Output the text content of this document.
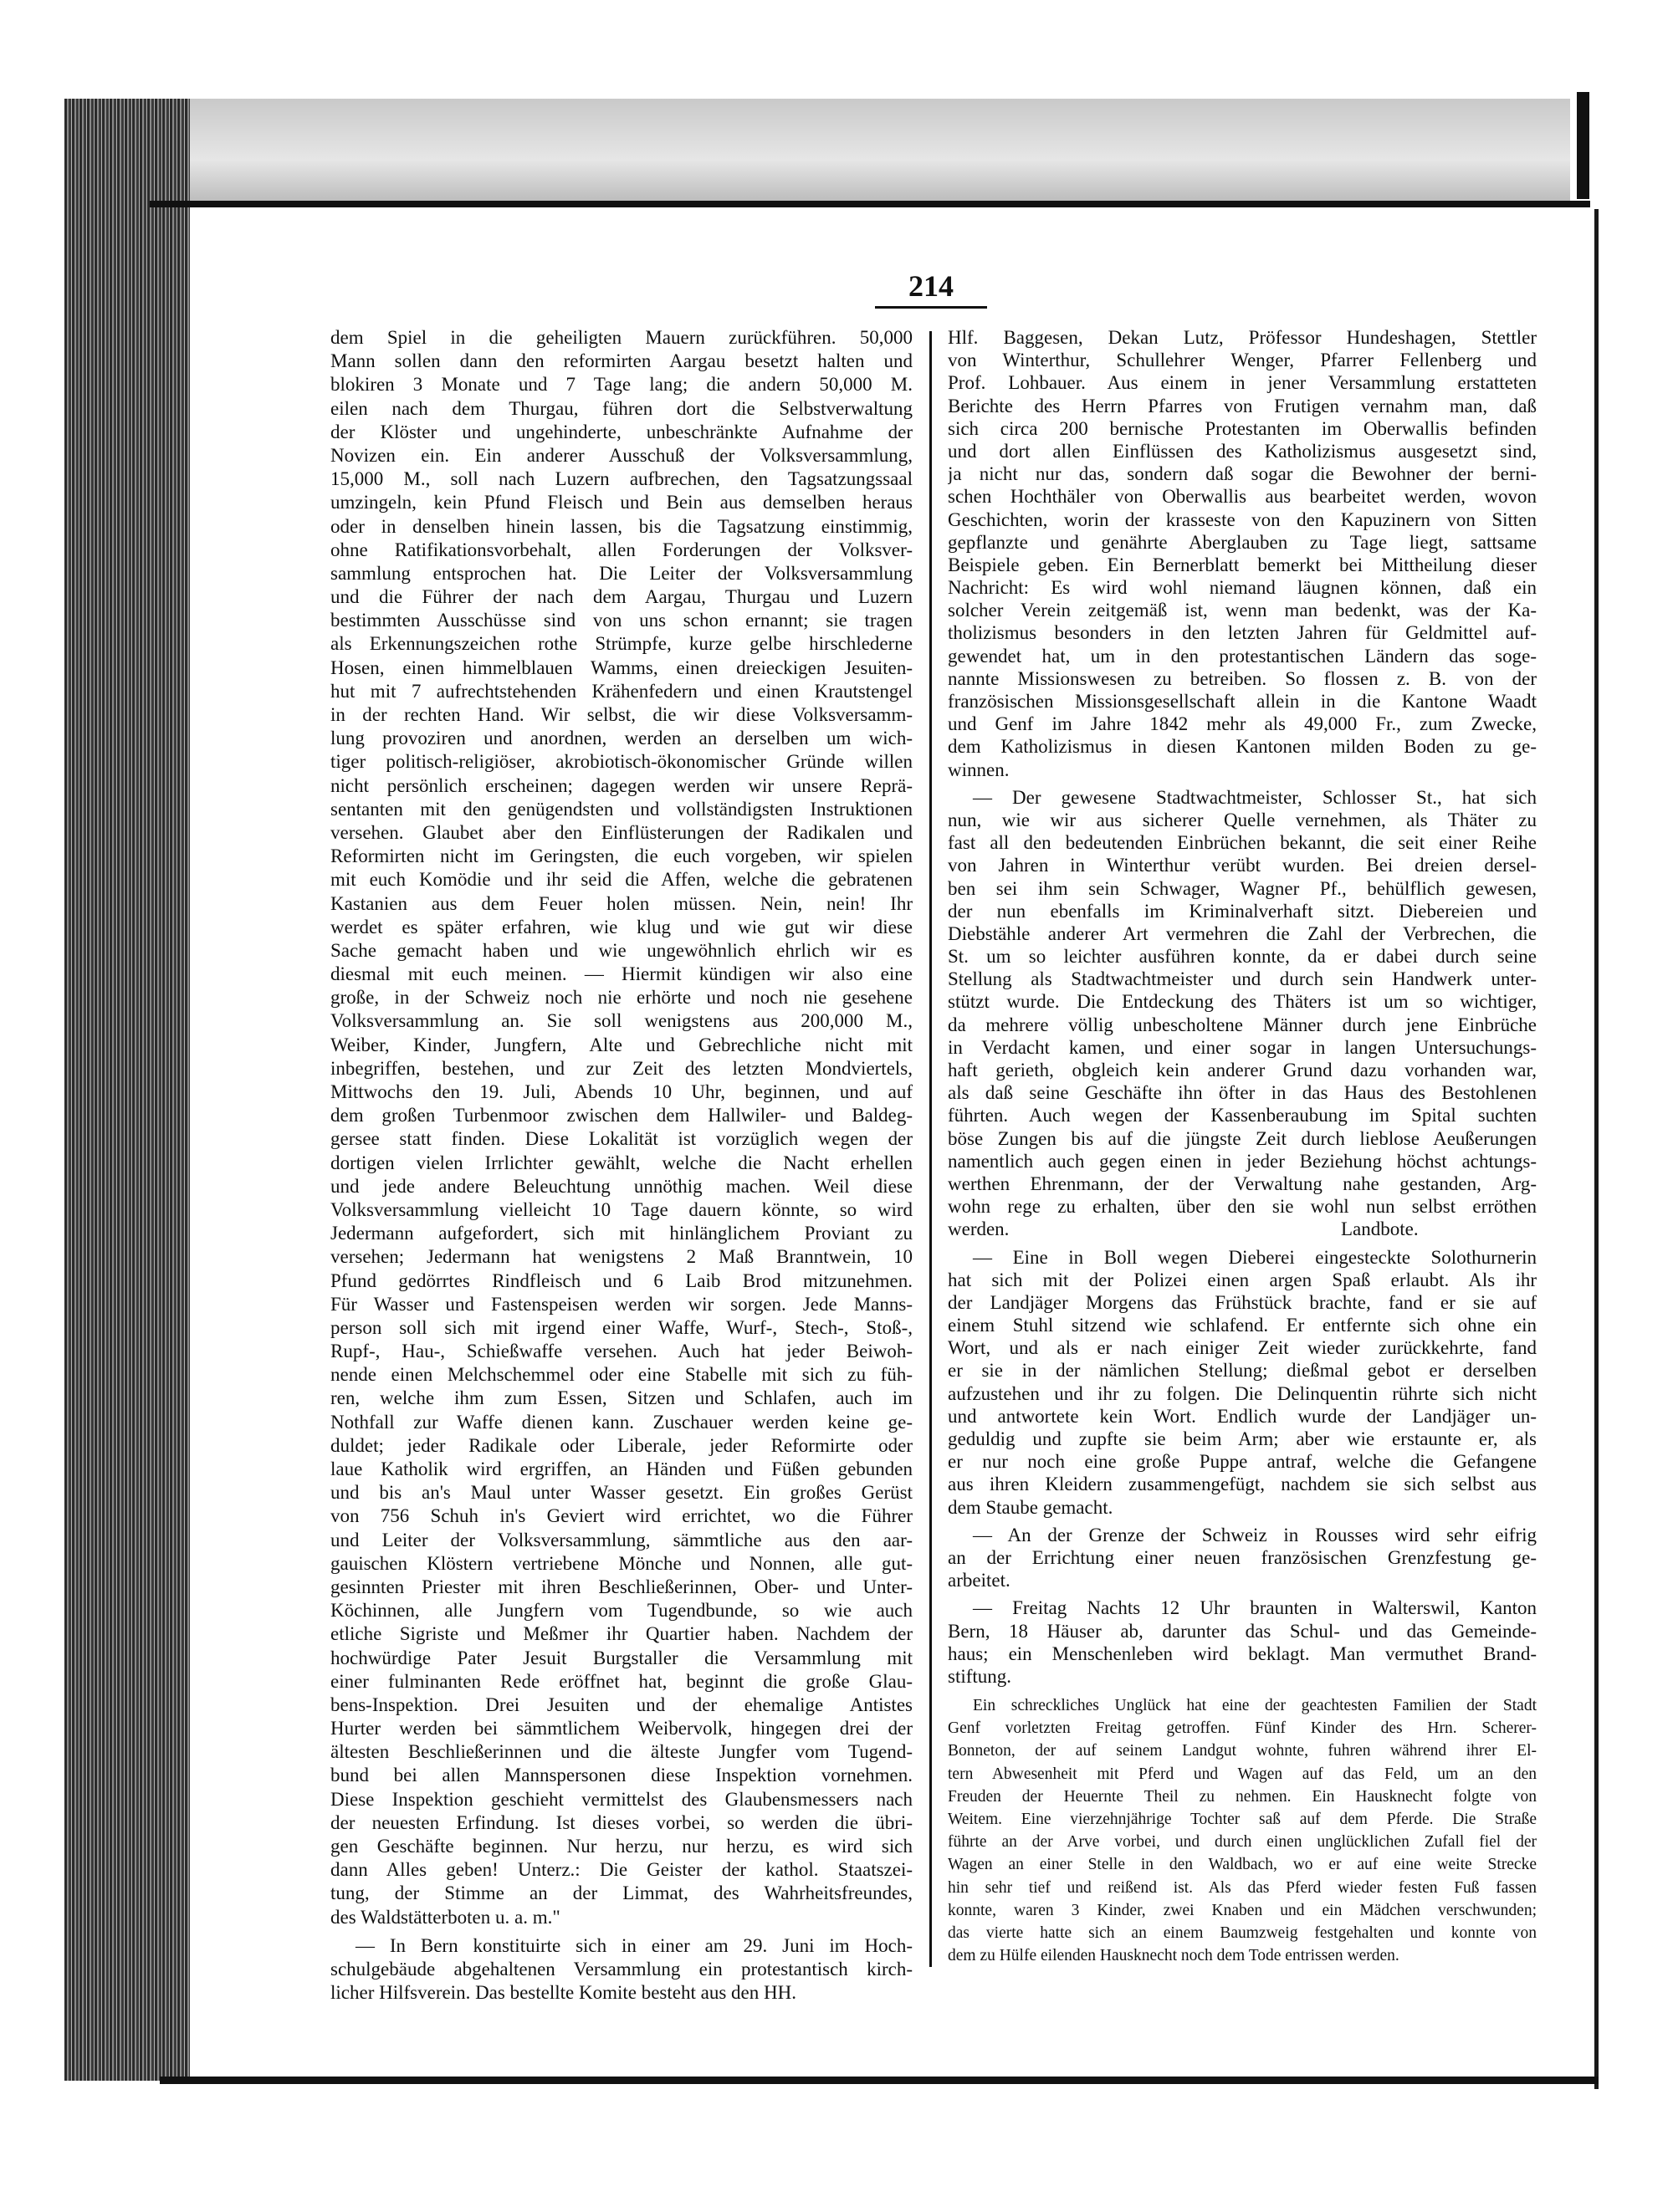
214
dem Spiel in die geheiligten Mauern zurückführen. 50,000
Mann sollen dann den reformirten Aargau besetzt halten und
blokiren 3 Monate und 7 Tage lang; die andern 50,000 M.
eilen nach dem Thurgau, führen dort die Selbstverwaltung
der Klöster und ungehinderte, unbeschränkte Aufnahme der
Novizen ein. Ein anderer Ausschuß der Volksversammlung,
15,000 M., soll nach Luzern aufbrechen, den Tagsatzungssaal
umzingeln, kein Pfund Fleisch und Bein aus demselben heraus
oder in denselben hinein lassen, bis die Tagsatzung einstimmig,
ohne Ratifikationsvorbehalt, allen Forderungen der Volksver-
sammlung entsprochen hat. Die Leiter der Volksversammlung
und die Führer der nach dem Aargau, Thurgau und Luzern
bestimmten Ausschüsse sind von uns schon ernannt; sie tragen
als Erkennungszeichen rothe Strümpfe, kurze gelbe hirschlederne
Hosen, einen himmelblauen Wamms, einen dreieckigen Jesuiten-
hut mit 7 aufrechtstehenden Krähenfedern und einen Krautstengel
in der rechten Hand. Wir selbst, die wir diese Volksversamm-
lung provoziren und anordnen, werden an derselben um wich-
tiger politisch-religiöser, akrobiotisch-ökonomischer Gründe willen
nicht persönlich erscheinen; dagegen werden wir unsere Reprä-
sentanten mit den genügendsten und vollständigsten Instruktionen
versehen. Glaubet aber den Einflüsterungen der Radikalen und
Reformirten nicht im Geringsten, die euch vorgeben, wir spielen
mit euch Komödie und ihr seid die Affen, welche die gebratenen
Kastanien aus dem Feuer holen müssen. Nein, nein! Ihr
werdet es später erfahren, wie klug und wie gut wir diese
Sache gemacht haben und wie ungewöhnlich ehrlich wir es
diesmal mit euch meinen. — Hiermit kündigen wir also eine
große, in der Schweiz noch nie erhörte und noch nie gesehene
Volksversammlung an. Sie soll wenigstens aus 200,000 M.,
Weiber, Kinder, Jungfern, Alte und Gebrechliche nicht mit
inbegriffen, bestehen, und zur Zeit des letzten Mondviertels,
Mittwochs den 19. Juli, Abends 10 Uhr, beginnen, und auf
dem großen Turbenmoor zwischen dem Hallwiler- und Baldeg-
gersee statt finden. Diese Lokalität ist vorzüglich wegen der
dortigen vielen Irrlichter gewählt, welche die Nacht erhellen
und jede andere Beleuchtung unnöthig machen. Weil diese
Volksversammlung vielleicht 10 Tage dauern könnte, so wird
Jedermann aufgefordert, sich mit hinlänglichem Proviant zu
versehen; Jedermann hat wenigstens 2 Maß Branntwein, 10
Pfund gedörrtes Rindfleisch und 6 Laib Brod mitzunehmen.
Für Wasser und Fastenspeisen werden wir sorgen. Jede Manns-
person soll sich mit irgend einer Waffe, Wurf-, Stech-, Stoß-,
Rupf-, Hau-, Schießwaffe versehen. Auch hat jeder Beiwoh-
nende einen Melchschemmel oder eine Stabelle mit sich zu füh-
ren, welche ihm zum Essen, Sitzen und Schlafen, auch im
Nothfall zur Waffe dienen kann. Zuschauer werden keine ge-
duldet; jeder Radikale oder Liberale, jeder Reformirte oder
laue Katholik wird ergriffen, an Händen und Füßen gebunden
und bis an's Maul unter Wasser gesetzt. Ein großes Gerüst
von 756 Schuh in's Geviert wird errichtet, wo die Führer
und Leiter der Volksversammlung, sämmtliche aus den aar-
gauischen Klöstern vertriebene Mönche und Nonnen, alle gut-
gesinnten Priester mit ihren Beschließerinnen, Ober- und Unter-
Köchinnen, alle Jungfern vom Tugendbunde, so wie auch
etliche Sigriste und Meßmer ihr Quartier haben. Nachdem der
hochwürdige Pater Jesuit Burgstaller die Versammlung mit
einer fulminanten Rede eröffnet hat, beginnt die große Glau-
bens-Inspektion. Drei Jesuiten und der ehemalige Antistes
Hurter werden bei sämmtlichem Weibervolk, hingegen drei der
ältesten Beschließerinnen und die älteste Jungfer vom Tugend-
bund bei allen Mannspersonen diese Inspektion vornehmen.
Diese Inspektion geschieht vermittelst des Glaubensmessers nach
der neuesten Erfindung. Ist dieses vorbei, so werden die übri-
gen Geschäfte beginnen. Nur herzu, nur herzu, es wird sich
dann Alles geben! Unterz.: Die Geister der kathol. Staatszei-
tung, der Stimme an der Limmat, des Wahrheitsfreundes,
des Waldstätterboten u. a. m."
— In Bern konstituirte sich in einer am 29. Juni im Hoch-
schulgebäude abgehaltenen Versammlung ein protestantisch kirch-
licher Hilfsverein. Das bestellte Komite besteht aus den HH.
Hlf. Baggesen, Dekan Lutz, Pröfessor Hundeshagen, Stettler
von Winterthur, Schullehrer Wenger, Pfarrer Fellenberg und
Prof. Lohbauer. Aus einem in jener Versammlung erstatteten
Berichte des Herrn Pfarres von Frutigen vernahm man, daß
sich circa 200 bernische Protestanten im Oberwallis befinden
und dort allen Einflüssen des Katholizismus ausgesetzt sind,
ja nicht nur das, sondern daß sogar die Bewohner der berni-
schen Hochthäler von Oberwallis aus bearbeitet werden, wovon
Geschichten, worin der krasseste von den Kapuzinern von Sitten
gepflanzte und genährte Aberglauben zu Tage liegt, sattsame
Beispiele geben. Ein Bernerblatt bemerkt bei Mittheilung dieser
Nachricht: Es wird wohl niemand läugnen können, daß ein
solcher Verein zeitgemäß ist, wenn man bedenkt, was der Ka-
tholizismus besonders in den letzten Jahren für Geldmittel auf-
gewendet hat, um in den protestantischen Ländern das soge-
nannte Missionswesen zu betreiben. So flossen z. B. von der
französischen Missionsgesellschaft allein in die Kantone Waadt
und Genf im Jahre 1842 mehr als 49,000 Fr., zum Zwecke,
dem Katholizismus in diesen Kantonen milden Boden zu ge-
winnen.
— Der gewesene Stadtwachtmeister, Schlosser St., hat sich
nun, wie wir aus sicherer Quelle vernehmen, als Thäter zu
fast all den bedeutenden Einbrüchen bekannt, die seit einer Reihe
von Jahren in Winterthur verübt wurden. Bei dreien dersel-
ben sei ihm sein Schwager, Wagner Pf., behülflich gewesen,
der nun ebenfalls im Kriminalverhaft sitzt. Diebereien und
Diebstähle anderer Art vermehren die Zahl der Verbrechen, die
St. um so leichter ausführen konnte, da er dabei durch seine
Stellung als Stadtwachtmeister und durch sein Handwerk unter-
stützt wurde. Die Entdeckung des Thäters ist um so wichtiger,
da mehrere völlig unbescholtene Männer durch jene Einbrüche
in Verdacht kamen, und einer sogar in langen Untersuchungs-
haft gerieth, obgleich kein anderer Grund dazu vorhanden war,
als daß seine Geschäfte ihn öfter in das Haus des Bestohlenen
führten. Auch wegen der Kassenberaubung im Spital suchten
böse Zungen bis auf die jüngste Zeit durch lieblose Aeußerungen
namentlich auch gegen einen in jeder Beziehung höchst achtungs-
werthen Ehrenmann, der der Verwaltung nahe gestanden, Arg-
wohn rege zu erhalten, über den sie wohl nun selbst erröthen
werden.	Landbote.
— Eine in Boll wegen Dieberei eingesteckte Solothurnerin
hat sich mit der Polizei einen argen Spaß erlaubt. Als ihr
der Landjäger Morgens das Frühstück brachte, fand er sie auf
einem Stuhl sitzend wie schlafend. Er entfernte sich ohne ein
Wort, und als er nach einiger Zeit wieder zurückkehrte, fand
er sie in der nämlichen Stellung; dießmal gebot er derselben
aufzustehen und ihr zu folgen. Die Delinquentin rührte sich nicht
und antwortete kein Wort. Endlich wurde der Landjäger un-
geduldig und zupfte sie beim Arm; aber wie erstaunte er, als
er nur noch eine große Puppe antraf, welche die Gefangene
aus ihren Kleidern zusammengefügt, nachdem sie sich selbst aus
dem Staube gemacht.
— An der Grenze der Schweiz in Rousses wird sehr eifrig
an der Errichtung einer neuen französischen Grenzfestung ge-
arbeitet.
— Freitag Nachts 12 Uhr braunten in Walterswil, Kanton
Bern, 18 Häuser ab, darunter das Schul- und das Gemeinde-
haus; ein Menschenleben wird beklagt. Man vermuthet Brand-
stiftung.
Ein schreckliches Unglück hat eine der geachtesten Familien der Stadt
Genf vorletzten Freitag getroffen. Fünf Kinder des Hrn. Scherer-
Bonneton, der auf seinem Landgut wohnte, fuhren während ihrer El-
tern Abwesenheit mit Pferd und Wagen auf das Feld, um an den
Freuden der Heuernte Theil zu nehmen. Ein Hausknecht folgte von
Weitem. Eine vierzehnjährige Tochter saß auf dem Pferde. Die Straße
führte an der Arve vorbei, und durch einen unglücklichen Zufall fiel der
Wagen an einer Stelle in den Waldbach, wo er auf eine weite Strecke
hin sehr tief und reißend ist. Als das Pferd wieder festen Fuß fassen
konnte, waren 3 Kinder, zwei Knaben und ein Mädchen verschwunden;
das vierte hatte sich an einem Baumzweig festgehalten und konnte von
dem zu Hülfe eilenden Hausknecht noch dem Tode entrissen werden.
